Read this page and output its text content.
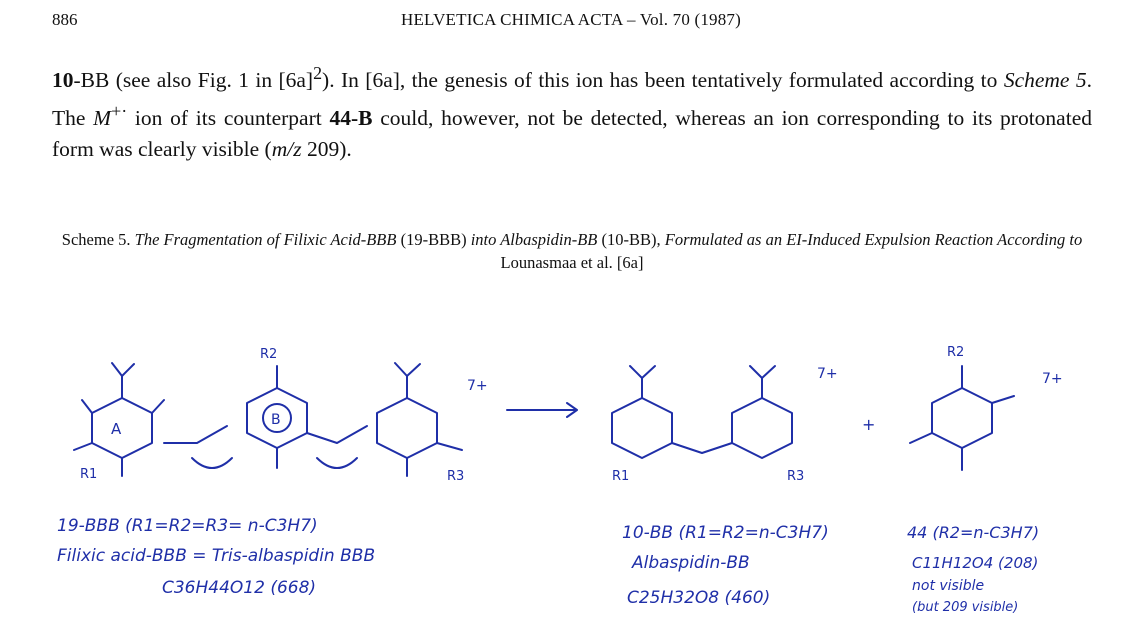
886	HELVETICA CHIMICA ACTA – Vol. 70 (1987)
10-BB (see also Fig. 1 in $[6a]^2$). In [6a], the genesis of this ion has been tentatively formulated according to Scheme 5. The M+· ion of its counterpart 44-B could, however, not be detected, whereas an ion corresponding to its protonated form was clearly visible (m/z 209).
Scheme 5. The Fragmentation of Filixic Acid-BBB (19-BBB) into Albaspidin-BB (10-BB), Formulated as an EI-Induced Expulsion Reaction According to Lounasmaa et al. [6a]
A
R1
B
R2
R3
7+
R1	R3
7+
+
R2
7+
19-BBB (R1=R2=R3= n-C3H7)
Filixic acid-BBB = Tris-albaspidin BBB
C36H44O12 (668)
10-BB (R1=R2=n-C3H7)
Albaspidin-BB
C25H32O8 (460)
44 (R2=n-C3H7)
C11H12O4 (208)
not visible
(but 209 visible)
